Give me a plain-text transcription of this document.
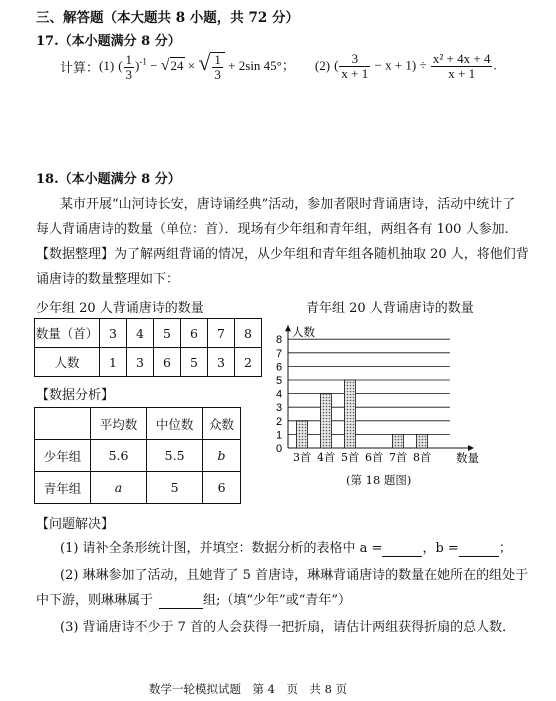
三、解答题（本大题共 8 小题，共 72 分）
17.（本小题满分 8 分）
计算： (1) ( $\frac{1}{3} )^{-1} - √24$ × √ $\frac{1}{3} + 2\sin$ 45°； (2) ( $\frac{3}{x + 1} - x + 1) \div \frac{\text{x² + 4x + 4}}{x + 1}$ .
18.（本小题满分 8 分）
某市开展“山河诗长安，唐诗诵经典”活动，参加者限时背诵唐诗，活动中统计了
每人背诵唐诗的数量（单位：首）．现场有少年组和青年组，两组各有 100 人参加.
【数据整理】为了解两组背诵的情况，从少年组和青年组各随机抽取 20 人，将他们背
诵唐诗的数量整理如下：
少年组 20 人背诵唐诗的数量
数量（首）	3	4	5	6	7	8
人数	1	3	6	5	3	2
【数据分析】
	平均数	中位数	众数
少年组	5.6	5.5	b
青年组	a	5	6
青年组 20 人背诵唐诗的数量
0
1
2
3
4
5
6
7
8
人数
数量
3首 4首 5首 6首 7首 8首
(第 18 题图)
【问题解决】
(1) 请补全条形统计图，并填空：数据分析的表格中 a =	，b =	；
(2) 琳琳参加了活动，且她背了 5 首唐诗，琳琳背诵唐诗的数量在她所在的组处于
中下游，则琳琳属于	组;（填“少年”或“青年”）
(3) 背诵唐诗不少于 7 首的人会获得一把折扇，请估计两组获得折扇的总人数．
数学一轮模拟试题　第 4　页　共 8 页
